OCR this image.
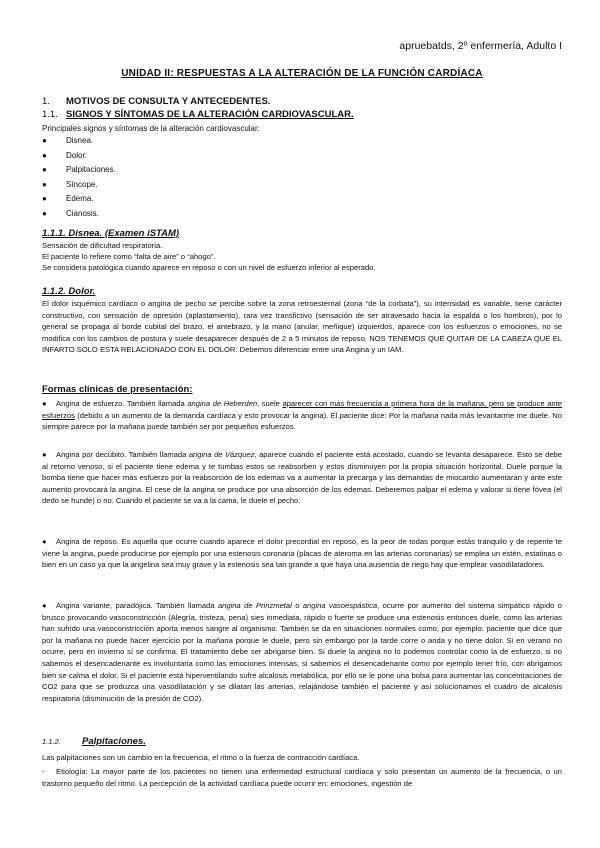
apruebatds, 2º enfermería, Adulto I
UNIDAD II: RESPUESTAS A LA ALTERACIÓN DE LA FUNCIÓN CARDÍACA
1. MOTIVOS DE CONSULTA Y ANTECEDENTES.
1.1. SIGNOS Y SÍNTOMAS DE LA ALTERACIÓN CARDIOVASCULAR.
Principales signos y síntomas de la alteración cardiovascular:
● Disnea.
● Dolor.
● Palpitaciones.
● Síncope.
● Edema.
● Cianosis.
1.1.1. Disnea. (Examen iSTAM)

Sensación de dificultad respiratoria.

El paciente lo refiere como “falta de aire” o “ahogo”.

Se considera patológica cuando aparece en reposo o con un nivel de esfuerzo inferior al esperado.

1.1.2. Dolor.
El dolor isquémico cardíaco o angina de pecho se percibe sobre la zona retroesternal (zona “de la corbata”), su intensidad es variable, tiene carácter constructivo, con sensación de opresión (aplastamiento), rara vez transfictivo (sensación de ser atravesado hacia la espalda o los hombros), por lo general se propaga al borde cubital del brazo, el antebrazo, y la mano (anular, meñique) izquierdos, aparece con los esfuerzos o emociones, no se modifica con los cambios de postura y suele desaparecer después de 2 a 5 minutos de reposo. NOS TENEMOS QUE QUITAR DE LA CABEZA QUE EL INFARTO SOLO ESTA RELACIONADO CON EL DOLOR. Debemos diferenciar entre una Angina y un IAM.
Formas clínicas de presentación:
● Angina de esfuerzo. También llamada angina de Heberden, suele aparecer con más frecuencia a primera hora de la mañana, pero se produce ante esfuerzos (debido a un aumento de la demanda cardíaca y esto provocar la angina). El paciente dice: Por la mañana nada más levantarme me duele. No siempre parece por la mañana puede también ser por pequeños esfuerzos.
● Angina por decúbito. También llamada angina de Vázquez, aparece cuando el paciente está acostado, cuando se levanta desaparece. Esto se debe al retorno venoso, si el paciente tiene edema y te tumbas estos se reabsorben y estos disminuyen por la propia situación horizontal. Duele porque la bomba tiene que hacer más esfuerzo por la reabsorción de los edemas va a aumentar la precarga y las demandas de miocardio aumentaran y ante este aumento provocará la angina. El cese de la angina se produce por una absorción de los edemas. Deberemos palpar el edema y valorar si tiene fóvea (el dedo se hunde) o no. Cuando el paciente se va a la cama, le duele el pecho.
● Angina de reposo. Es aquella que ocurre cuando aparece el dolor precordial en reposo, es la peor de todas porque estás tranquilo y de repente te viene la angina, puede producirse por ejemplo por una estenosis coronaria (placas de ateroma en las arterias coronarias) se emplea un estén, estatinas o bien en un caso ya que la angelina sea muy grave y la estenosis sea tan grande a que haya una ausencia de riego hay que emplear vasodilatadores.
● Angina variante, paradójica. También llamada angina de Prinzmetal o angina vasoespástica, ocurre por aumento del sistema simpático rápido o brusco provocando vasoconstricción (Alegría, tristeza, pena) sies inmediata, rápido o fuerte se produce una estenosis entonces duele, como las arterias han sufrido una vasoconstricción aporta menos sangre al organismo. También se da en situaciones normales como, por ejemplo: paciente que dice que por la mañana no puede hacer ejercicio por la mañana porque le duele, pero sin embargo por la tarde corre o anda y no tiene dolor. Si en verano no ocurre, pero en invierno sí se confirma. El tratamiento debe ser abrigarse bien. Si duele la angina no lo podemos controlar como la de esfuerzo, si no sabemos el desencadenante es involuntaria como las emociones intensas, si sabemos el desencadenante como por ejemplo tener frío, con abrigamos bien se calma el dolor. Si el paciente está hiperventilando sufre alcalosis metabólica, por ello se le pone una bolsa para aumentar las concentraciones de CO2 para que se produzca una vasodilatación y se dilatan las arterias, relajándose también el paciente y así solucionamos el cuadro de alcalosis respiratoria (disminución de la presión de CO2).
1.1.2. Palpitaciones.
Las palpitaciones son un cambio en la frecuencia, el ritmo o la fuerza de contracción cardíaca.
- Etiología: La mayor parte de los pacientes no tienen una enfermedad estructural cardíaca y solo presentan un aumento de la frecuencia, o un trastorno pequeño del ritmo. La percepción de la actividad cardíaca puede ocurrir en: emociones, ingestión de
